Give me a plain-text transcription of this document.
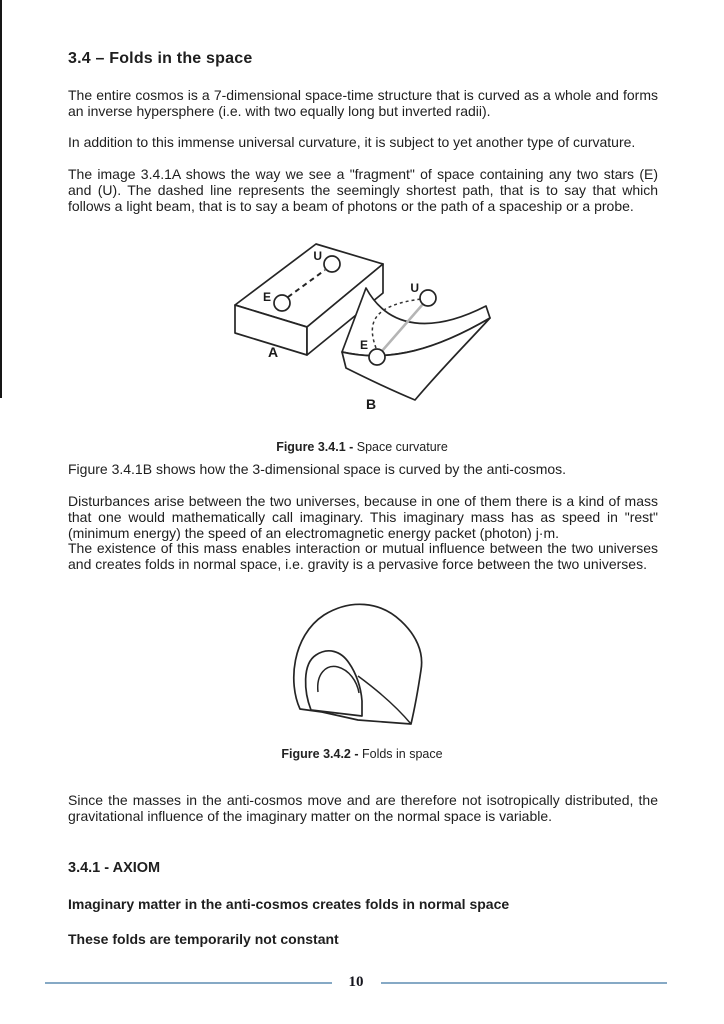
3.4 – Folds in the space

The entire cosmos is a 7-dimensional space-time structure that is curved as a whole and forms an inverse hypersphere (i.e. with two equally long but inverted radii).

In addition to this immense universal curvature, it is subject to yet another type of curvature.

The image 3.4.1A shows the way we see a "fragment" of space containing any two stars (E) and (U). The dashed line represents the seemingly shortest path, that is to say that which follows a light beam, that is to say a beam of photons or the path of a spaceship or a probe.

E
U
A	E
U
B
Figure 3.4.1 - Space curvature

Figure 3.4.1B shows how the 3-dimensional space is curved by the anti-cosmos.

Disturbances arise between the two universes, because in one of them there is a kind of mass that one would mathematically call imaginary. This imaginary mass has as speed in "rest" (minimum energy) the speed of an electromagnetic energy packet (photon) j·m.

The existence of this mass enables interaction or mutual influence between the two universes and creates folds in normal space, i.e. gravity is a pervasive force between the two universes.

Figure 3.4.2 - Folds in space

Since the masses in the anti-cosmos move and are therefore not isotropically distributed, the gravitational influence of the imaginary matter on the normal space is variable.

3.4.1 - AXIOM

Imaginary matter in the anti-cosmos creates folds in normal space

These folds are temporarily not constant

10
